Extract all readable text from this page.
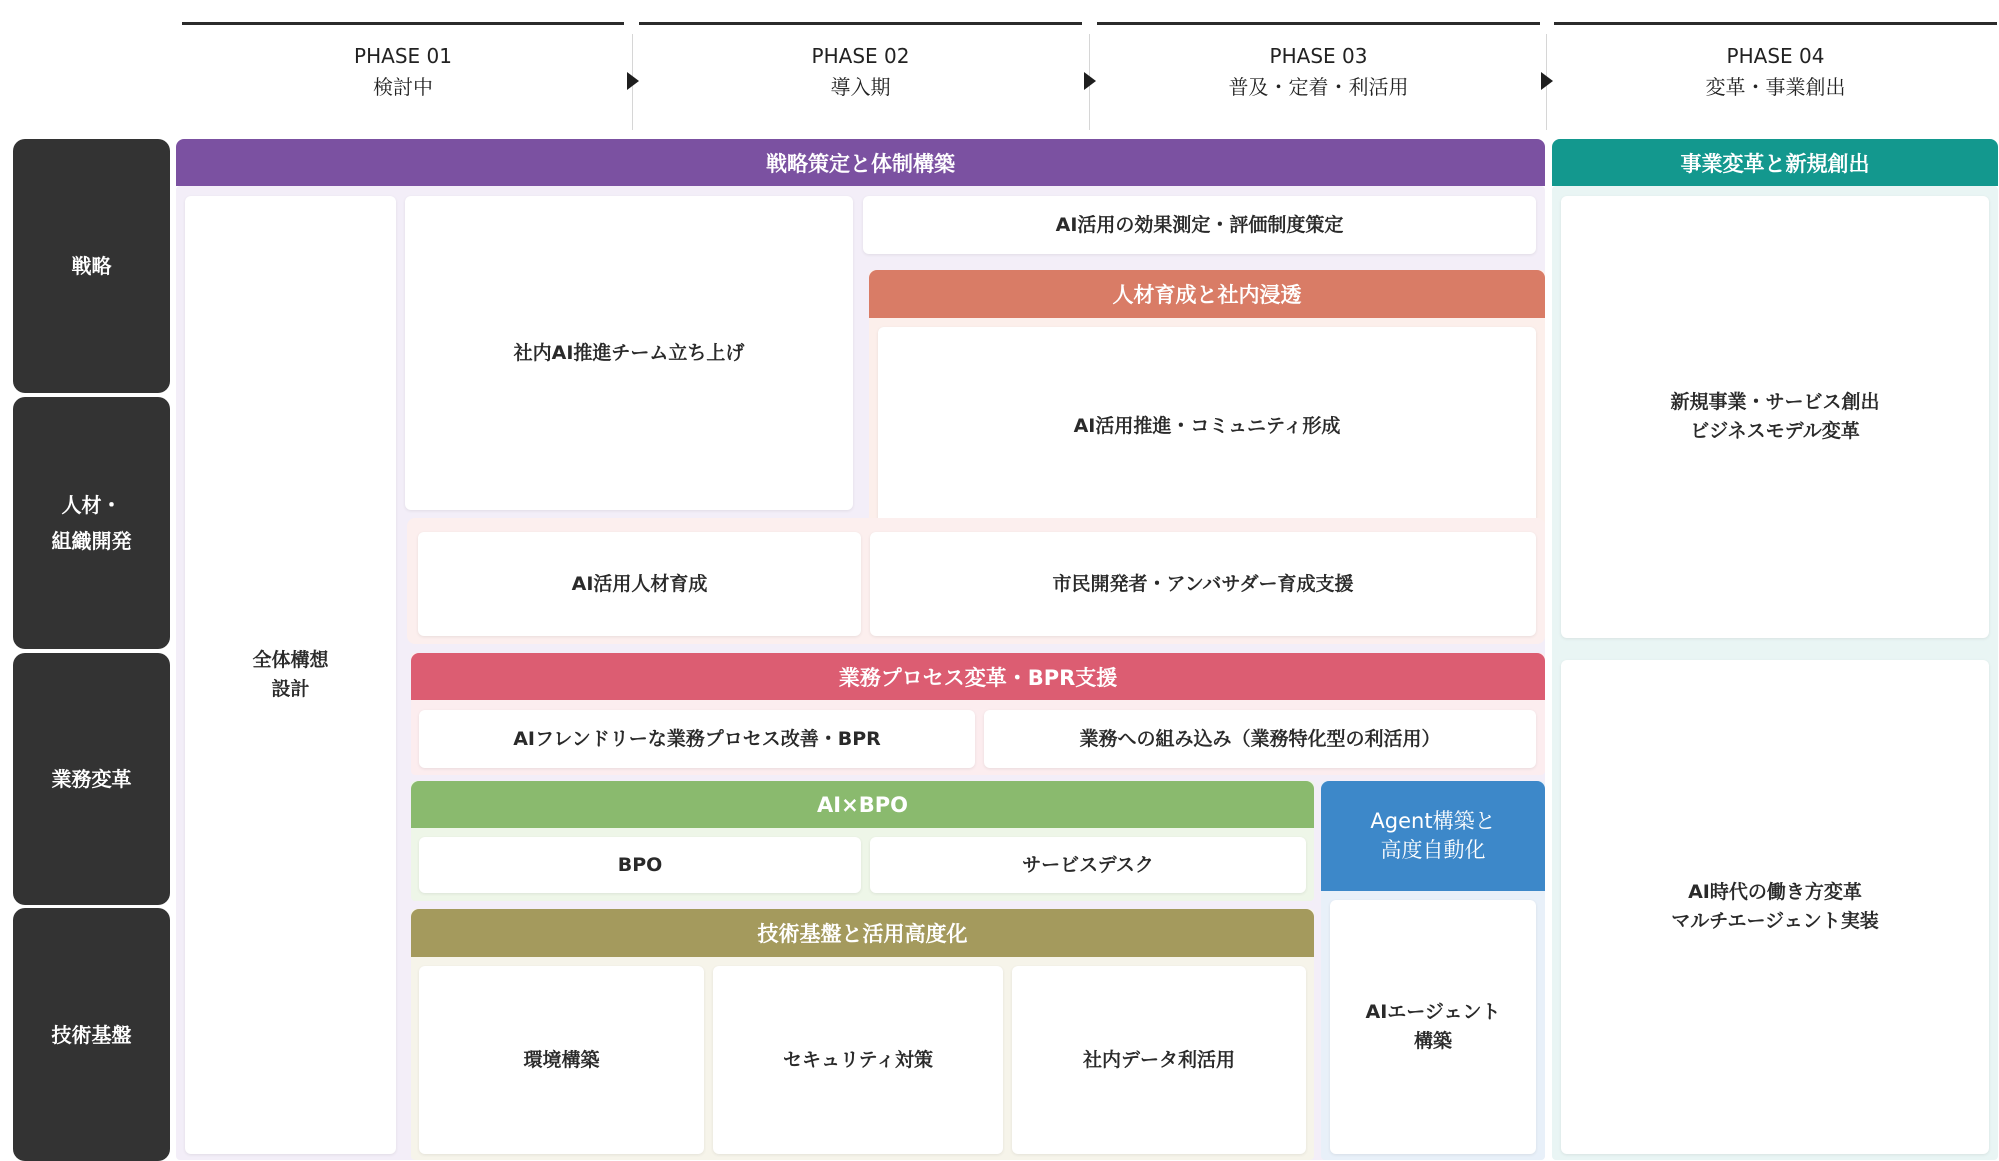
PHASE 01
検討中
PHASE 02
導入期
PHASE 03
普及・定着・利活用
PHASE 04
変革・事業創出
戦略
人材・
組織開発
業務変革
技術基盤
戦略策定と体制構築
全体構想
設計
社内AI推進チーム立ち上げ
AI活用の効果測定・評価制度策定
人材育成と社内浸透
AI活用推進・コミュニティ形成
AI活用人材育成	市民開発者・アンバサダー育成支援
業務プロセス変革・BPR支援
AIフレンドリーな業務プロセス改善・BPR	業務への組み込み（業務特化型の利活用）
AI×BPO
BPO	サービスデスク
技術基盤と活用高度化
環境構築	セキュリティ対策	社内データ利活用
Agent構築と
高度自動化
AIエージェント
構築
事業変革と新規創出
新規事業・サービス創出
ビジネスモデル変革
AI時代の働き方変革
マルチエージェント実装
